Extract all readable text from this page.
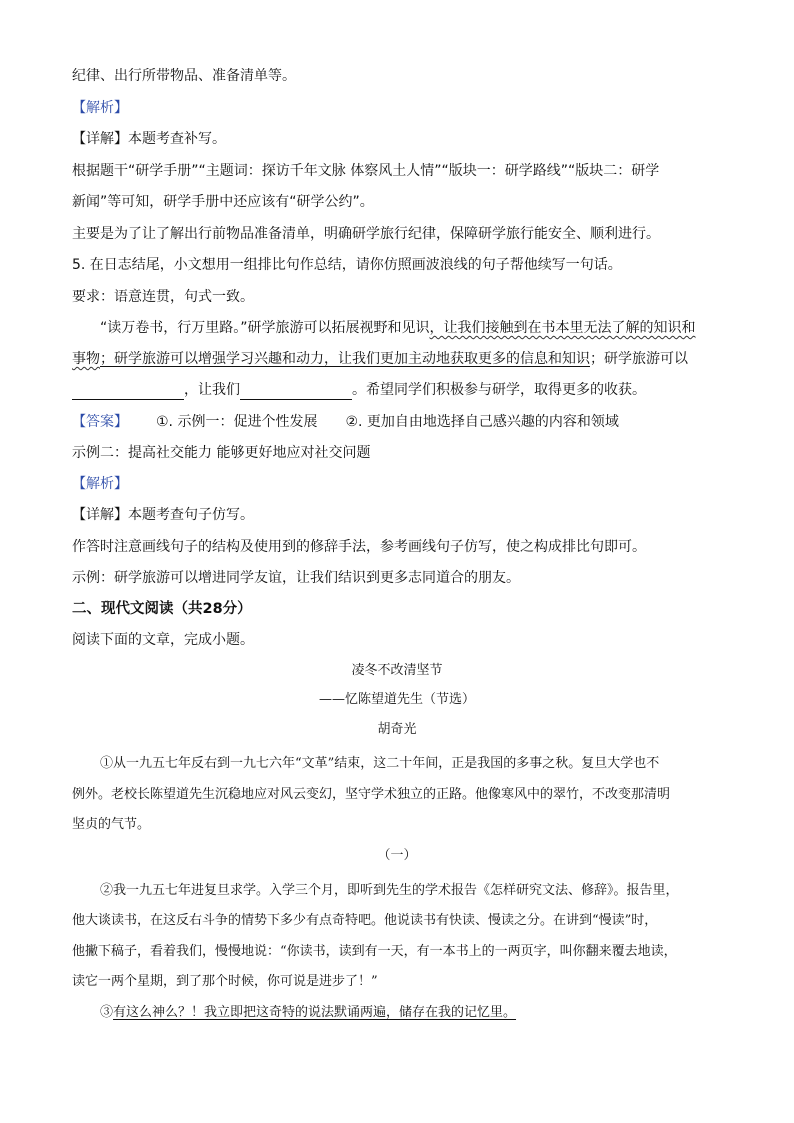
纪律、出行所带物品、准备清单等。
【解析】
【详解】本题考查补写。
根据题干“研学手册”“主题词：探访千年文脉 体察风土人情”“版块一：研学路线”“版块二：研学
新闻”等可知，研学手册中还应该有“研学公约”。
主要是为了让了解出行前物品准备清单，明确研学旅行纪律，保障研学旅行能安全、顺利进行。
5. 在日志结尾，小文想用一组排比句作总结，请你仿照画波浪线的句子帮他续写一句话。
要求：语意连贯，句式一致。
“读万卷书，行万里路。”研学旅游可以拓展视野和见识，让我们接触到在书本里无法了解的知识和
事物；研学旅游可以增强学习兴趣和动力，让我们更加主动地获取更多的信息和知识；研学旅游可以
，让我们	。希望同学们积极参与研学，取得更多的收获。
【答案】 ①. 示例一：促进个性发展 ②. 更加自由地选择自己感兴趣的内容和领域
示例二：提高社交能力 能够更好地应对社交问题
【解析】
【详解】本题考查句子仿写。
作答时注意画线句子的结构及使用到的修辞手法，参考画线句子仿写，使之构成排比句即可。
示例：研学旅游可以增进同学友谊，让我们结识到更多志同道合的朋友。
二、现代文阅读（共28分）
阅读下面的文章，完成小题。
凌冬不改清坚节
——忆陈望道先生（节选）
胡奇光
①从一九五七年反右到一九七六年“文革”结束，这二十年间，正是我国的多事之秋。复旦大学也不
例外。老校长陈望道先生沉稳地应对风云变幻，坚守学术独立的正路。他像寒风中的翠竹，不改变那清明
坚贞的气节。
（一）
②我一九五七年进复旦求学。入学三个月，即听到先生的学术报告《怎样研究文法、修辞》。报告里，
他大谈读书，在这反右斗争的情势下多少有点奇特吧。他说读书有快读、慢读之分。在讲到“慢读”时，
他撇下稿子，看着我们，慢慢地说：“你读书，读到有一天，有一本书上的一两页字，叫你翻来覆去地读，
读它一两个星期，到了那个时候，你可说是进步了！”
③有这么神么？！我立即把这奇特的说法默诵两遍，储存在我的记忆里。
